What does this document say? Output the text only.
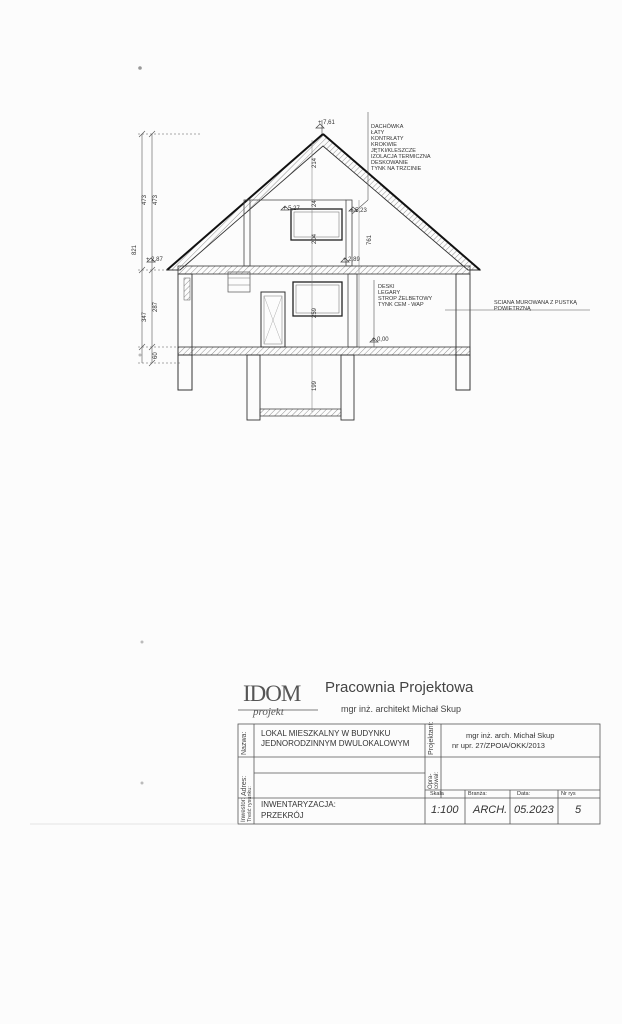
+ 7,61
+ 5,27	+ 5,23
+ 2,87	+ 2,89
± 0,00
821
473 473
347
287
60
214
24
204
259
761
199
DACHÓWKA
ŁATY
KONTRŁATY
KROKWIE
JĘTKI/KLESZCZE
IZOLACJA TERMICZNA
DESKOWANIE
TYNK NA TRZCINIE
DESKI
LEGARY
STROP ŻELBETOWY
TYNK CEM - WAP	ŚCIANA MUROWANA Z PUSTKĄ POWIETRZNĄ
IDOM
projekt
Pracownia Projektowa
mgr inż. architekt Michał Skup
Nazwa:
Adres:
Inwestor: Treść rysunku:
Projektant:
Opra-cował:
LOKAL MIESZKALNY W BUDYNKU
JEDNORODZINNYM DWULOKALOWYM
mgr inż. arch. Michał Skup
nr upr. 27/ZPOIA/OKK/2013
INWENTARYZACJA:
PRZEKRÓJ
Skala	Branża:	Data:	Nr rys
1:100 ARCH. 05.2023 5
